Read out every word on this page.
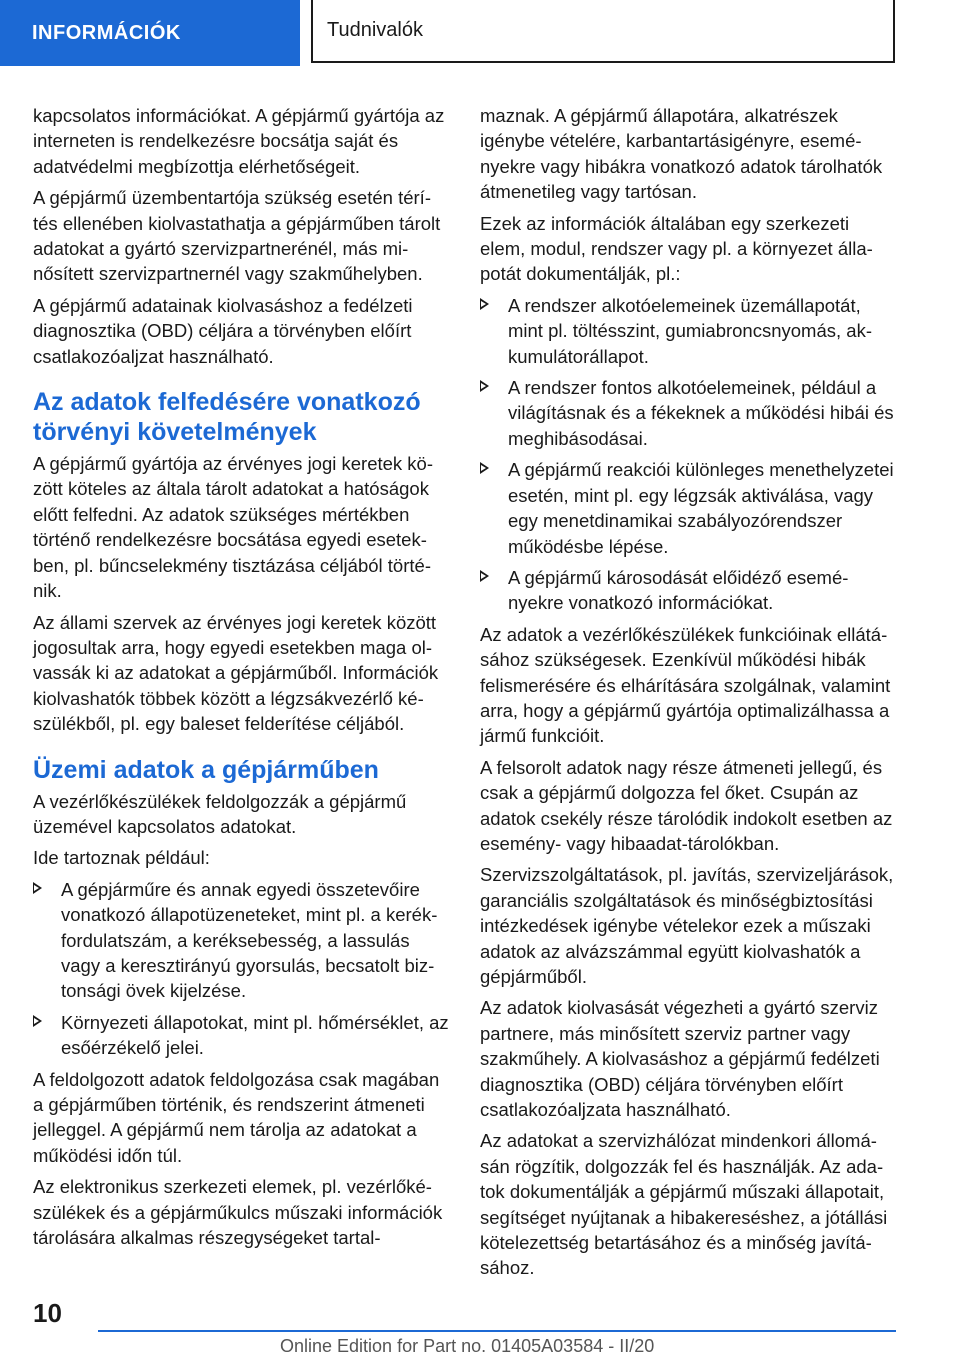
INFORMÁCIÓK	Tudnivalók

kapcsolatos információkat. A gépjármű gyártója az interneten is rendelkezésre bocsátja saját és adatvédelmi megbízottja elérhetőségeit.

A gépjármű üzembentartója szükség esetén térítés ellenében kiolvastathatja a gépjárműben tárolt adatokat a gyártó szervizpartnerénél, más minősített szervizpartnernél vagy szakműhelyben.

A gépjármű adatainak kiolvasáshoz a fedélzeti diagnosztika (OBD) céljára a törvényben előírt csatlakozóaljzat használható.

Az adatok felfedésére vonatkozó törvényi követelmények

A gépjármű gyártója az érvényes jogi keretek között köteles az általa tárolt adatokat a hatóságok előtt felfedni. Az adatok szükséges mértékben történő rendelkezésre bocsátása egyedi esetekben, pl. bűncselekmény tisztázása céljából történik.

Az állami szervek az érvényes jogi keretek között jogosultak arra, hogy egyedi esetekben maga olvassák ki az adatokat a gépjárműből. Információk kiolvashatók többek között a légzsákvezérlő készülékből, pl. egy baleset felderítése céljából.

Üzemi adatok a gépjárműben

A vezérlőkészülékek feldolgozzák a gépjármű üzemével kapcsolatos adatokat.

Ide tartoznak például:

A gépjárműre és annak egyedi összetevőire vonatkozó állapotüzeneteket, mint pl. a kerékfordulatszám, a keréksebesség, a lassulás vagy a keresztirányú gyorsulás, becsatolt biztonsági övek kijelzése.
Környezeti állapotokat, mint pl. hőmérséklet, az esőérzékelő jelei.

A feldolgozott adatok feldolgozása csak magában a gépjárműben történik, és rendszerint átmeneti jelleggel. A gépjármű nem tárolja az adatokat a működési időn túl.

Az elektronikus szerkezeti elemek, pl. vezérlőkészülékek és a gépjárműkulcs műszaki információk tárolására alkalmas részegységeket tartal-

maznak. A gépjármű állapotára, alkatrészek igénybe vételére, karbantartásigényre, eseményekre vagy hibákra vonatkozó adatok tárolhatók átmenetileg vagy tartósan.

Ezek az információk általában egy szerkezeti elem, modul, rendszer vagy pl. a környezet állapotát dokumentálják, pl.:

A rendszer alkotóelemeinek üzemállapotát, mint pl. töltésszint, gumiabroncsnyomás, akkumulátorállapot.
A rendszer fontos alkotóelemeinek, például a világításnak és a fékeknek a működési hibái és meghibásodásai.
A gépjármű reakciói különleges menethelyzetei esetén, mint pl. egy légzsák aktiválása, vagy egy menetdinamikai szabályozórendszer működésbe lépése.
A gépjármű károsodását előidéző eseményekre vonatkozó információkat.

Az adatok a vezérlőkészülékek funkcióinak ellátásához szükségesek. Ezenkívül működési hibák felismerésére és elhárítására szolgálnak, valamint arra, hogy a gépjármű gyártója optimalizálhassa a jármű funkcióit.

A felsorolt adatok nagy része átmeneti jellegű, és csak a gépjármű dolgozza fel őket. Csupán az adatok csekély része tárolódik indokolt esetben az esemény- vagy hibaadat-tárolókban.

Szervizszolgáltatások, pl. javítás, szervizeljárások, garanciális szolgáltatások és minőségbiztosítási intézkedések igénybe vételekor ezek a műszaki adatok az alvázszámmal együtt kiolvashatók a gépjárműből.

Az adatok kiolvasását végezheti a gyártó szerviz partnere, más minősített szerviz partner vagy szakműhely. A kiolvasáshoz a gépjármű fedélzeti diagnosztika (OBD) céljára törvényben előírt csatlakozóaljzata használható.

Az adatokat a szervizhálózat mindenkori állomásán rögzítik, dolgozzák fel és használják. Az adatok dokumentálják a gépjármű műszaki állapotait, segítséget nyújtanak a hibakereséshez, a jótállási kötelezettség betartásához és a minőség javításához.

10
Online Edition for Part no. 01405A03584 - II/20
